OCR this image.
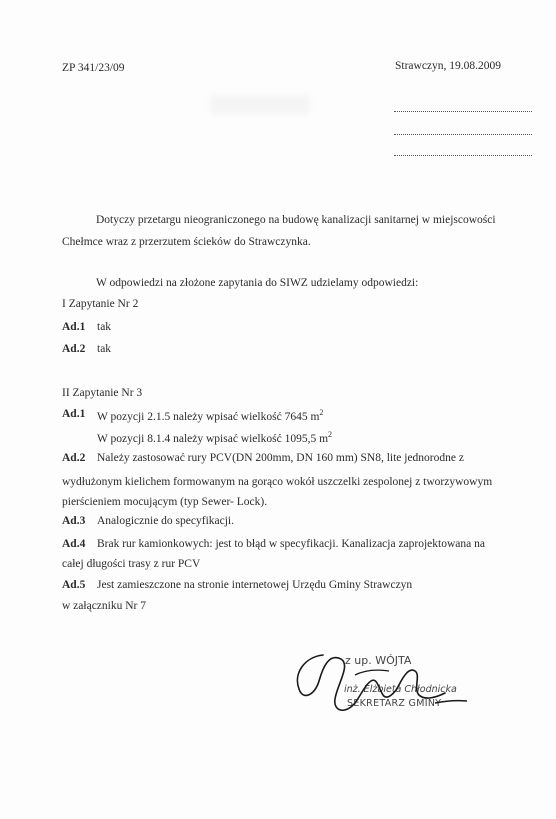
ZP 341/23/09	Strawczyn, 19.08.2009
Dotyczy przetargu nieograniczonego na budowę kanalizacji sanitarnej w miejscowości Chełmce wraz z przerzutem ścieków do Strawczynka.
W odpowiedzi na złożone zapytania do SIWZ udzielamy odpowiedzi:
I Zapytanie Nr 2
Ad.1 tak
Ad.2 tak
II Zapytanie Nr 3
Ad.1 W pozycji 2.1.5 należy wpisać wielkość 7645 $m^2$
W pozycji 8.1.4 należy wpisać wielkość 1095,5 $m^2$
Ad.2 Należy zastosować rury PCV(DN 200mm, DN 160 mm) SN8, lite jednorodne z
wydłużonym kielichem formowanym na gorąco wokół uszczelki zespolonej z tworzywowym pierścieniem mocującym (typ Sewer- Lock).
Ad.3 Analogicznie do specyfikacji.
Ad.4 Brak rur kamionkowych: jest to błąd w specyfikacji. Kanalizacja zaprojektowana na
całej długości trasy z rur PCV
Ad.5 Jest zamieszczone na stronie internetowej Urzędu Gminy Strawczyn
w załączniku Nr 7
z up. WÓJTA
inż. Elżbieta Chłodnicka
SEKRETARZ GMINY
